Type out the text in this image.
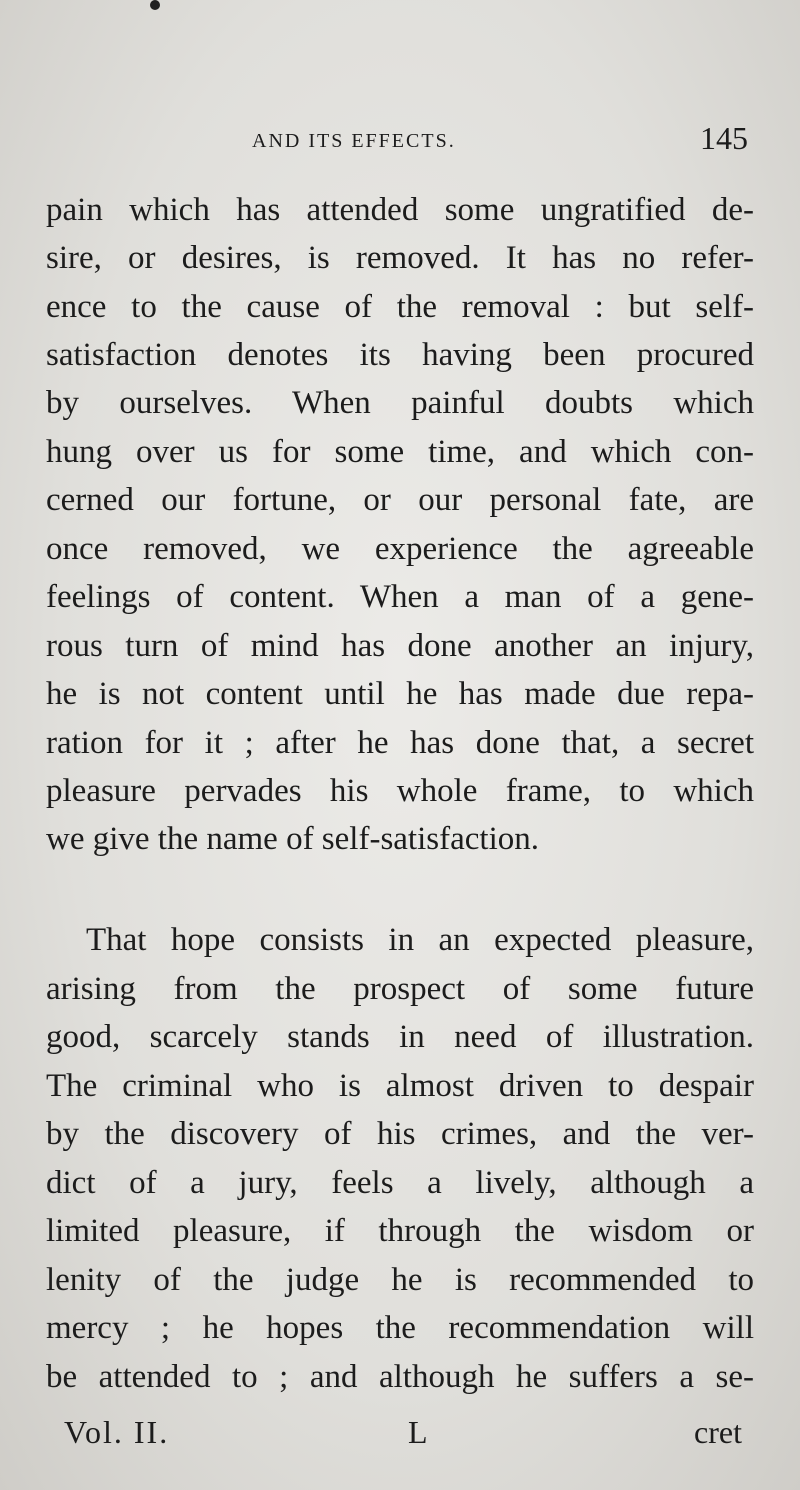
AND ITS EFFECTS.	145
pain which has attended some ungratified de-
sire, or desires, is removed. It has no refer-
ence to the cause of the removal : but self-
satisfaction denotes its having been procured
by ourselves. When painful doubts which
hung over us for some time, and which con-
cerned our fortune, or our personal fate, are
once removed, we experience the agreeable
feelings of content. When a man of a gene-
rous turn of mind has done another an injury,
he is not content until he has made due repa-
ration for it ; after he has done that, a secret
pleasure pervades his whole frame, to which
we give the name of self-satisfaction.
That hope consists in an expected pleasure,
arising from the prospect of some future
good, scarcely stands in need of illustration.
The criminal who is almost driven to despair
by the discovery of his crimes, and the ver-
dict of a jury, feels a lively, although a
limited pleasure, if through the wisdom or
lenity of the judge he is recommended to
mercy ; he hopes the recommendation will
be attended to ; and although he suffers a se-
Vol. II.	L	cret
